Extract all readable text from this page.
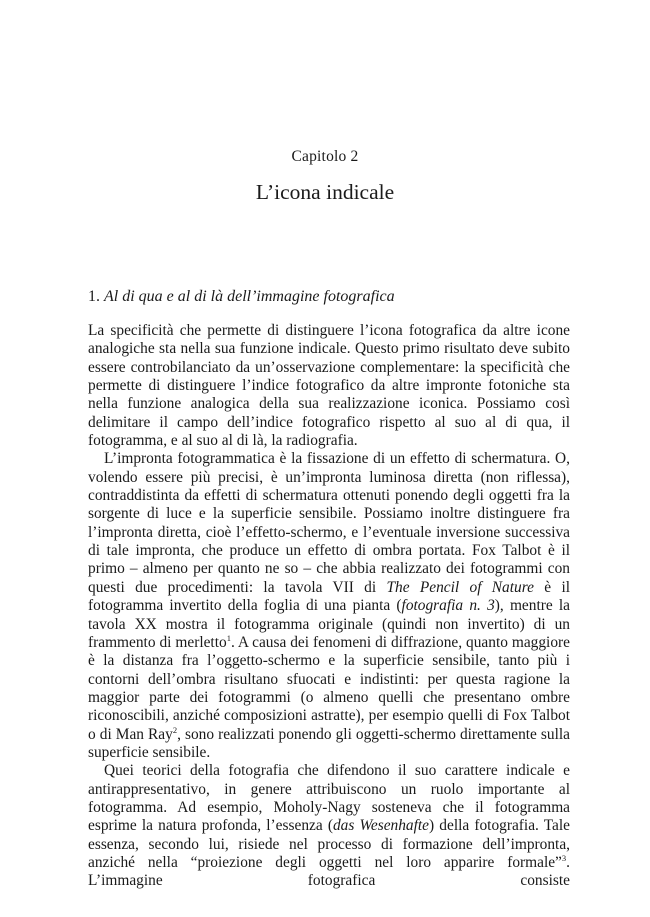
Capitolo 2
L’icona indicale
1. Al di qua e al di là dell’immagine fotografica

La specificità che permette di distinguere l’icona fotografica da altre icone analogiche sta nella sua funzione indicale. Questo primo risultato deve subito essere controbilanciato da un’osservazione complementare: la specificità che permette di distinguere l’indice fotografico da altre impronte fotoniche sta nella funzione analogica della sua realizzazione iconica. Possiamo così delimitare il campo dell’indice fotografico rispetto al suo al di qua, il fotogramma, e al suo al di là, la radiografia.

L’impronta fotogrammatica è la fissazione di un effetto di schermatura. O, volendo essere più precisi, è un’impronta luminosa diretta (non riflessa), contraddistinta da effetti di schermatura ottenuti ponendo degli oggetti fra la sorgente di luce e la superficie sensibile. Possiamo inoltre distinguere fra l’impronta diretta, cioè l’effetto-schermo, e l’eventuale inversione successiva di tale impronta, che produce un effetto di ombra portata. Fox Talbot è il primo – almeno per quanto ne so – che abbia realizzato dei fotogrammi con questi due procedimenti: la tavola VII di The Pencil of Nature è il fotogramma invertito della foglia di una pianta (fotografia n. 3), mentre la tavola XX mostra il fotogramma originale (quindi non invertito) di un frammento di merletto$^1$. A causa dei fenomeni di diffrazione, quanto maggiore è la distanza fra l’oggetto-schermo e la superficie sensibile, tanto più i contorni dell’ombra risultano sfuocati e indistinti: per questa ragione la maggior parte dei fotogrammi (o almeno quelli che presentano ombre riconoscibili, anziché composizioni astratte), per esempio quelli di Fox Talbot o di Man Ray$^2$, sono realizzati ponendo gli oggetti-schermo direttamente sulla superficie sensibile.

Quei teorici della fotografia che difendono il suo carattere indicale e antirappresentativo, in genere attribuiscono un ruolo importante al fotogramma. Ad esempio, Moholy-Nagy sosteneva che il fotogramma esprime la natura profonda, l’essenza (das Wesenhafte) della fotografia. Tale essenza, secondo lui, risiede nel processo di formazione dell’impronta, anziché nella “proiezione degli oggetti nel loro apparire formale”$^3$. L’immagine fotografica consiste
